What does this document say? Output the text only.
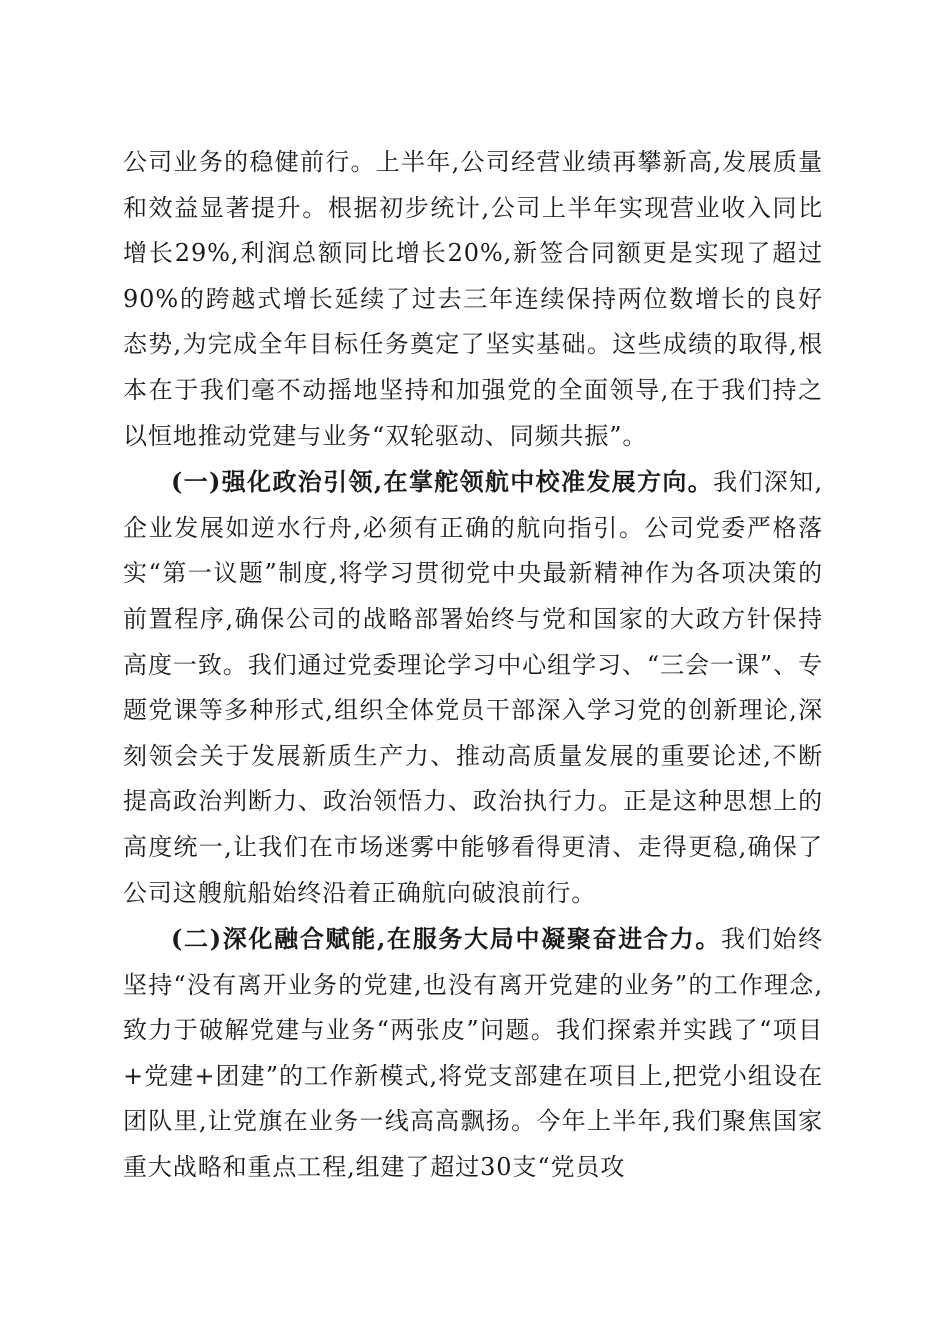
公司业务的稳健前行。上半年,公司经营业绩再攀新高,发展质量和效益显著提升。根据初步统计,公司上半年实现营业收入同比增长29%,利润总额同比增长20%,新签合同额更是实现了超过90%的跨越式增长延续了过去三年连续保持两位数增长的良好态势,为完成全年目标任务奠定了坚实基础。这些成绩的取得,根本在于我们毫不动摇地坚持和加强党的全面领导,在于我们持之以恒地推动党建与业务“双轮驱动、同频共振”。

(一)强化政治引领,在掌舵领航中校准发展方向。我们深知,企业发展如逆水行舟,必须有正确的航向指引。公司党委严格落实“第一议题”制度,将学习贯彻党中央最新精神作为各项决策的前置程序,确保公司的战略部署始终与党和国家的大政方针保持高度一致。我们通过党委理论学习中心组学习、“三会一课”、专题党课等多种形式,组织全体党员干部深入学习党的创新理论,深刻领会关于发展新质生产力、推动高质量发展的重要论述,不断提高政治判断力、政治领悟力、政治执行力。正是这种思想上的高度统一,让我们在市场迷雾中能够看得更清、走得更稳,确保了公司这艘航船始终沿着正确航向破浪前行。

(二)深化融合赋能,在服务大局中凝聚奋进合力。我们始终坚持“没有离开业务的党建,也没有离开党建的业务”的工作理念,致力于破解党建与业务“两张皮”问题。我们探索并实践了“项目+党建+团建”的工作新模式,将党支部建在项目上,把党小组设在团队里,让党旗在业务一线高高飘扬。今年上半年,我们聚焦国家重大战略和重点工程,组建了超过30支“党员攻
